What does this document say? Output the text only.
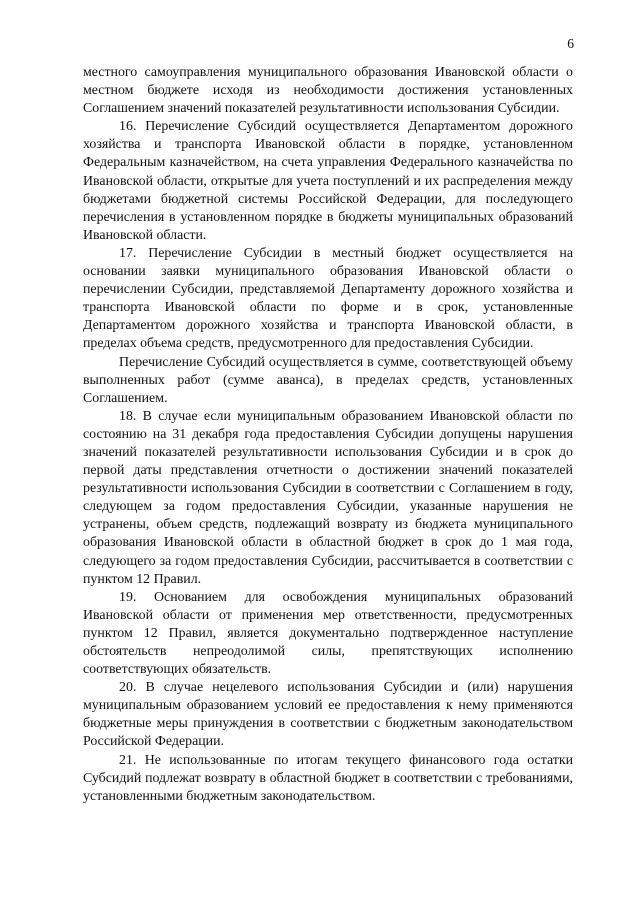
6

местного самоуправления муниципального образования Ивановской области о местном бюджете исходя из необходимости достижения установленных Соглашением значений показателей результативности использования Субсидии.

16. Перечисление Субсидий осуществляется Департаментом дорожного хозяйства и транспорта Ивановской области в порядке, установленном Федеральным казначейством, на счета управления Федерального казначейства по Ивановской области, открытые для учета поступлений и их распределения между бюджетами бюджетной системы Российской Федерации, для последующего перечисления в установленном порядке в бюджеты муниципальных образований Ивановской области.

17. Перечисление Субсидии в местный бюджет осуществляется на основании заявки муниципального образования Ивановской области о перечислении Субсидии, представляемой Департаменту дорожного хозяйства и транспорта Ивановской области по форме и в срок, установленные Департаментом дорожного хозяйства и транспорта Ивановской области, в пределах объема средств, предусмотренного для предоставления Субсидии.

Перечисление Субсидий осуществляется в сумме, соответствующей объему выполненных работ (сумме аванса), в пределах средств, установленных Соглашением.

18. В случае если муниципальным образованием Ивановской области по состоянию на 31 декабря года предоставления Субсидии допущены нарушения значений показателей результативности использования Субсидии и в срок до первой даты представления отчетности о достижении значений показателей результативности использования Субсидии в соответствии с Соглашением в году, следующем за годом предоставления Субсидии, указанные нарушения не устранены, объем средств, подлежащий возврату из бюджета муниципального образования Ивановской области в областной бюджет в срок до 1 мая года, следующего за годом предоставления Субсидии, рассчитывается в соответствии с пунктом 12 Правил.

19. Основанием для освобождения муниципальных образований Ивановской области от применения мер ответственности, предусмотренных пунктом 12 Правил, является документально подтвержденное наступление обстоятельств непреодолимой силы, препятствующих исполнению соответствующих обязательств.

20. В случае нецелевого использования Субсидии и (или) нарушения муниципальным образованием условий ее предоставления к нему применяются бюджетные меры принуждения в соответствии с бюджетным законодательством Российской Федерации.

21. Не использованные по итогам текущего финансового года остатки Субсидий подлежат возврату в областной бюджет в соответствии с требованиями, установленными бюджетным законодательством.
